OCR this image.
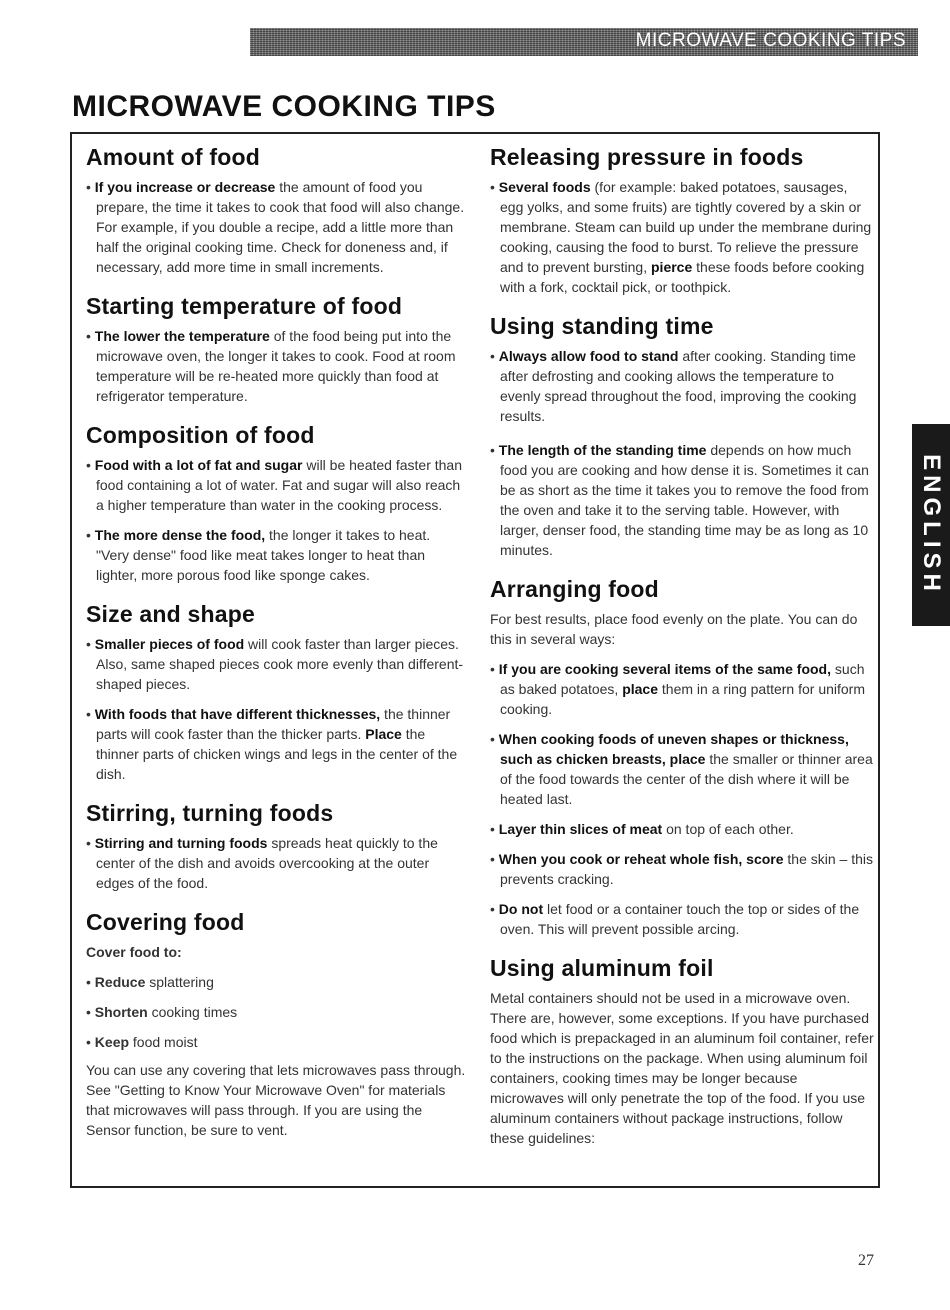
MICROWAVE COOKING TIPS
MICROWAVE COOKING TIPS
Amount of food

• If you increase or decrease the amount of food you prepare, the time it takes to cook that food will also change. For example, if you double a recipe, add a little more than half the original cooking time. Check for doneness and, if necessary, add more time in small increments.

Starting temperature of food

• The lower the temperature of the food being put into the microwave oven, the longer it takes to cook. Food at room temperature will be re-heated more quickly than food at refrigerator temperature.

Composition of food

• Food with a lot of fat and sugar will be heated faster than food containing a lot of water. Fat and sugar will also reach a higher temperature than water in the cooking process.

• The more dense the food, the longer it takes to heat. "Very dense" food like meat takes longer to heat than lighter, more porous food like sponge cakes.

Size and shape

• Smaller pieces of food will cook faster than larger pieces. Also, same shaped pieces cook more evenly than different-shaped pieces.

• With foods that have different thicknesses, the thinner parts will cook faster than the thicker parts. Place the thinner parts of chicken wings and legs in the center of the dish.

Stirring, turning foods

• Stirring and turning foods spreads heat quickly to the center of the dish and avoids overcooking at the outer edges of the food.

Covering food

Cover food to:

• Reduce splattering

• Shorten cooking times

• Keep food moist

You can use any covering that lets microwaves pass through. See "Getting to Know Your Microwave Oven" for materials that microwaves will pass through. If you are using the Sensor function, be sure to vent.

Releasing pressure in foods

• Several foods (for example: baked potatoes, sausages, egg yolks, and some fruits) are tightly covered by a skin or membrane. Steam can build up under the membrane during cooking, causing the food to burst. To relieve the pressure and to prevent bursting, pierce these foods before cooking with a fork, cocktail pick, or toothpick.

Using standing time

• Always allow food to stand after cooking. Standing time after defrosting and cooking allows the temperature to evenly spread throughout the food, improving the cooking results.

• The length of the standing time depends on how much food you are cooking and how dense it is. Sometimes it can be as short as the time it takes you to remove the food from the oven and take it to the serving table. However, with larger, denser food, the standing time may be as long as 10 minutes.

Arranging food

For best results, place food evenly on the plate. You can do this in several ways:

• If you are cooking several items of the same food, such as baked potatoes, place them in a ring pattern for uniform cooking.

• When cooking foods of uneven shapes or thickness, such as chicken breasts, place the smaller or thinner area of the food towards the center of the dish where it will be heated last.

• Layer thin slices of meat on top of each other.

• When you cook or reheat whole fish, score the skin – this prevents cracking.

• Do not let food or a container touch the top or sides of the oven. This will prevent possible arcing.

Using aluminum foil

Metal containers should not be used in a microwave oven. There are, however, some exceptions. If you have purchased food which is prepackaged in an aluminum foil container, refer to the instructions on the package. When using aluminum foil containers, cooking times may be longer because microwaves will only penetrate the top of the food. If you use aluminum containers without package instructions, follow these guidelines:

ENGLISH
27
